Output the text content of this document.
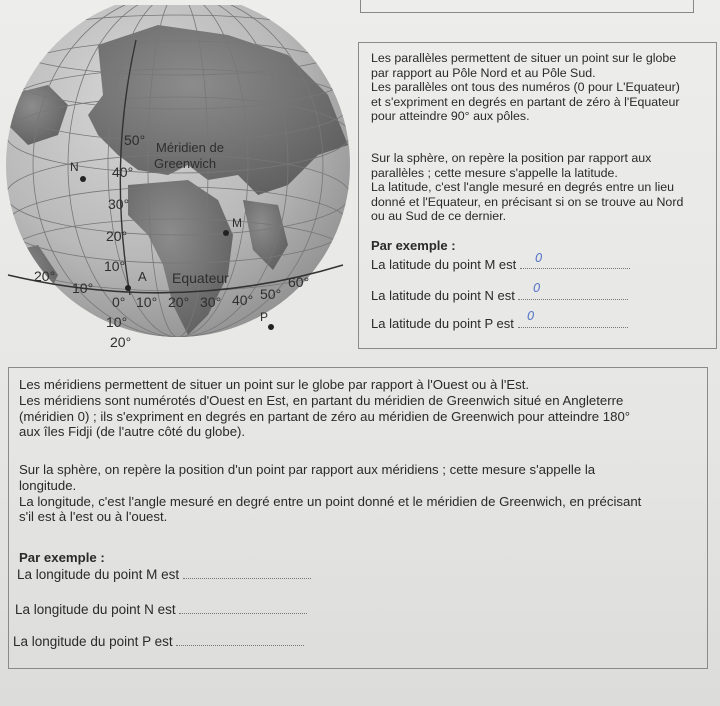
50°
40°
30°
20°
10°
0°
10°
20°
20°
10°
10° 20° 30° 40° 50°
60°
Méridien de
Greenwich
Equateur
N
M
A
P
Les parallèles permettent de situer un point sur le globe
par rapport au Pôle Nord et au Pôle Sud.
Les parallèles ont tous des numéros (0 pour L'Equateur)
et s'expriment en degrés en partant de zéro à l'Equateur
pour atteindre 90° aux pôles.
Sur la sphère, on repère la position par rapport aux
parallèles ; cette mesure s'appelle la latitude.
La latitude, c'est l'angle mesuré en degrés entre un lieu
donné et l'Equateur, en précisant si on se trouve au Nord
ou au Sud de ce dernier.
Par exemple :
La latitude du point M est	0
La latitude du point N est	0
La latitude du point P est	0
Les méridiens permettent de situer un point sur le globe par rapport à l'Ouest ou à l'Est.
Les méridiens sont numérotés d'Ouest en Est, en partant du méridien de Greenwich situé en Angleterre
(méridien 0) ; ils s'expriment en degrés en partant de zéro au méridien de Greenwich pour atteindre 180°
aux îles Fidji (de l'autre côté du globe).
Sur la sphère, on repère la position d'un point par rapport aux méridiens ; cette mesure s'appelle la
longitude.
La longitude, c'est l'angle mesuré en degré entre un point donné et le méridien de Greenwich, en précisant
s'il est à l'est ou à l'ouest.
Par exemple :
La longitude du point M est
La longitude du point N est
La longitude du point P est
